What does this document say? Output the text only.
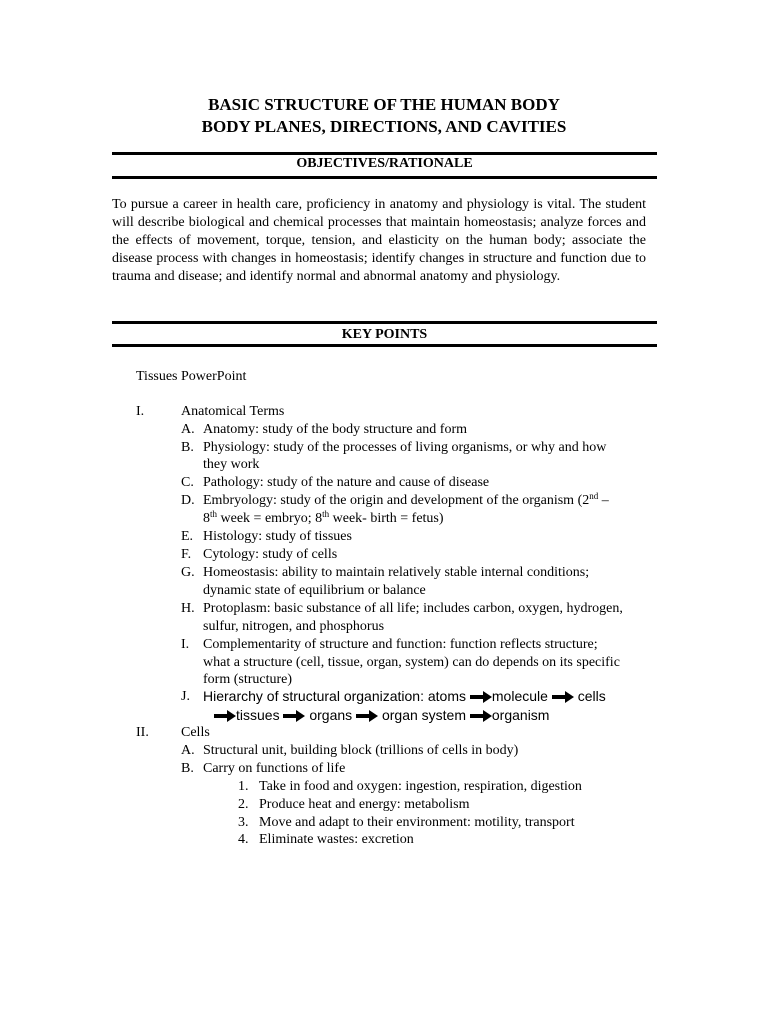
BASIC STRUCTURE OF THE HUMAN BODY
BODY PLANES, DIRECTIONS, AND CAVITIES
OBJECTIVES/RATIONALE
To pursue a career in health care, proficiency in anatomy and physiology is vital. The student will describe biological and chemical processes that maintain homeostasis; analyze forces and the effects of movement, torque, tension, and elasticity on the human body; associate the disease process with changes in homeostasis; identify changes in structure and function due to trauma and disease; and identify normal and abnormal anatomy and physiology.
KEY POINTS
Tissues PowerPoint
I.	Anatomical Terms
A. Anatomy: study of the body structure and form
B. Physiology: study of the processes of living organisms, or why and how
they work
C. Pathology: study of the nature and cause of disease
D. Embryology: study of the origin and development of the organism (2nd –
8th week = embryo; 8th week- birth = fetus)
E. Histology: study of tissues
F. Cytology: study of cells
G. Homeostasis: ability to maintain relatively stable internal conditions;
dynamic state of equilibrium or balance
H. Protoplasm: basic substance of all life; includes carbon, oxygen, hydrogen,
sulfur, nitrogen, and phosphorus
I. Complementarity of structure and function: function reflects structure;
what a structure (cell, tissue, organ, system) can do depends on its specific
form (structure)
J. Hierarchy of structural organization: atoms molecule cells
tissues organs organ system organism
II. Cells
A. Structural unit, building block (trillions of cells in body)
B. Carry on functions of life
1. Take in food and oxygen: ingestion, respiration, digestion
2. Produce heat and energy: metabolism
3. Move and adapt to their environment: motility, transport
4. Eliminate wastes: excretion
